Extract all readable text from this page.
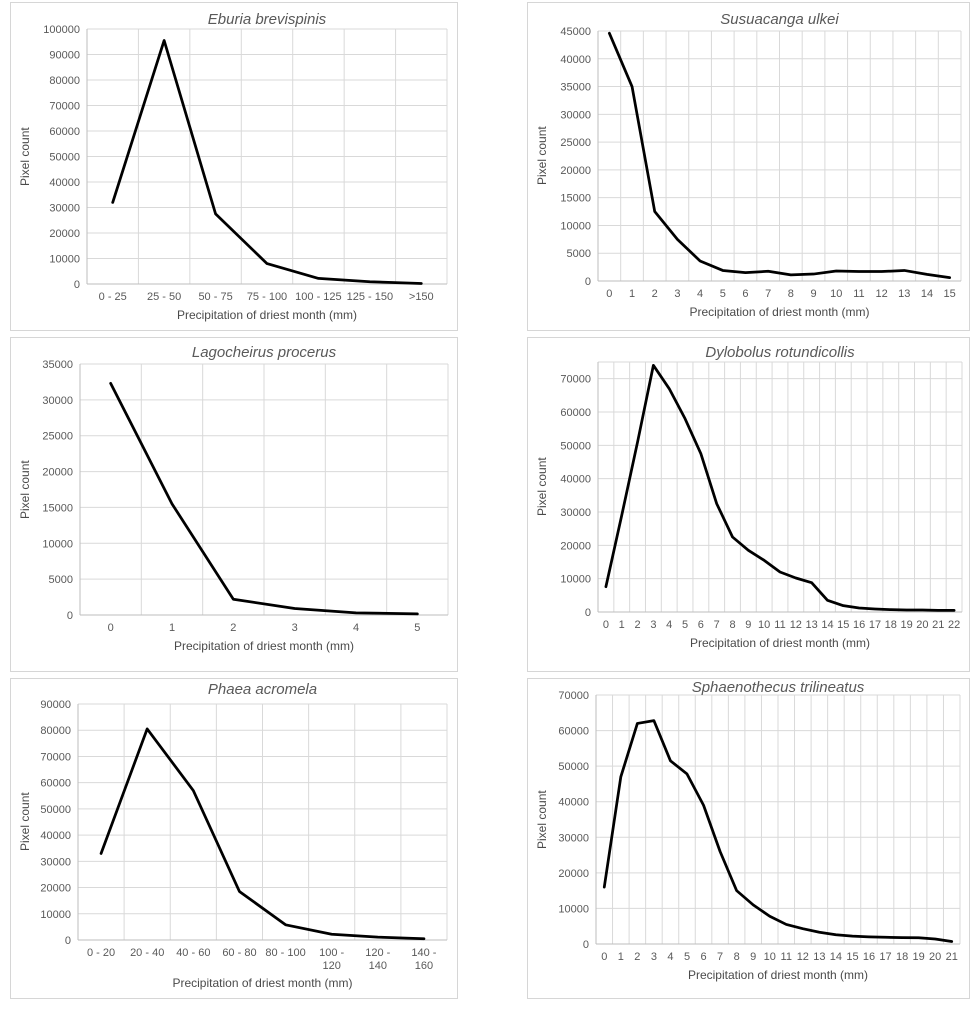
Eburia brevispinis
Pixel count
0
10000
20000
30000
40000
50000
60000
70000
80000
90000
100000
0 - 25 25 - 50 50 - 75 75 - 100 100 - 125 125 - 150 >150
Precipitation of driest month (mm)
Susuacanga ulkei
Pixel count
0
5000
10000
15000
20000
25000
30000
35000
40000
45000
0 1 2 3 4 5 6 7 8 9 10 11 12 13 14 15
Precipitation of driest month (mm)
Lagocheirus procerus
Pixel count
0
5000
10000
15000
20000
25000
30000
35000
0	1	2	3	4	5
Precipitation of driest month (mm)
Dylobolus rotundicollis
Pixel count
0
10000
20000
30000
40000
50000
60000
70000
0 1 2 3 4 5 6 7 8 9 10 11 12 13 14 15 16 17 18 19 20 21 22
Precipitation of driest month (mm)
Phaea acromela
Pixel count
0
10000
20000
30000
40000
50000
60000
70000
80000
90000
0 - 20 20 - 40 40 - 60 60 - 80 80 - 100 100 -120
120 -140
140 -160
Precipitation of driest month (mm)
Sphaenothecus trilineatus
Pixel count
0
10000
20000
30000
40000
50000
60000
70000
0 1 2 3 4 5 6 7 8 9 10 11 12 13 14 15 16 17 18 19 20 21
Precipitation of driest month (mm)
